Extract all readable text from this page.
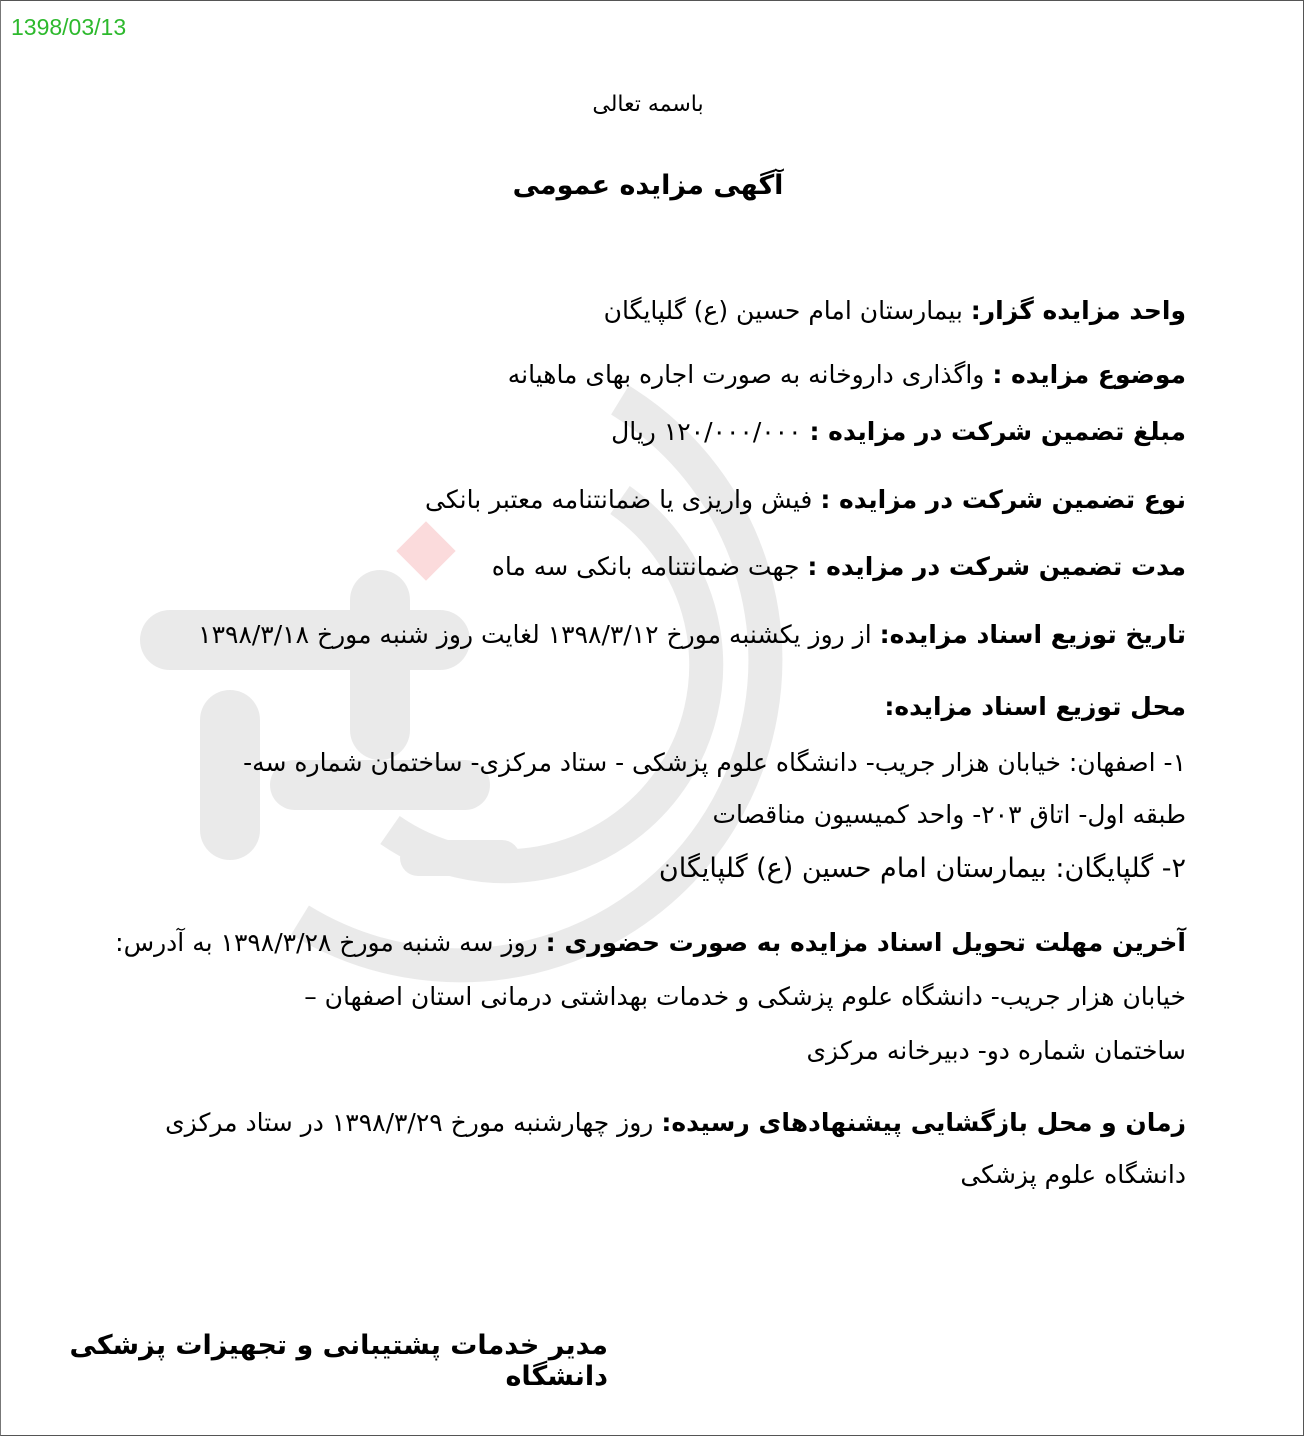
1398/03/13
باسمه تعالی
آگهی مزایده عمومی
واحد مزایده گزار: بیمارستان امام حسین (ع) گلپایگان
موضوع مزایده : واگذاری داروخانه به صورت اجاره بهای ماهیانه
مبلغ تضمین شرکت در مزایده : ۱۲۰/۰۰۰/۰۰۰ ریال
نوع تضمین شرکت در مزایده : فیش واریزی یا ضمانتنامه معتبر بانکی
مدت تضمین شرکت در مزایده : جهت ضمانتنامه بانکی سه ماه
تاریخ توزیع اسناد مزایده: از روز یکشنبه مورخ ۱۳۹۸/۳/۱۲ لغایت روز شنبه مورخ ۱۳۹۸/۳/۱۸
محل توزیع اسناد مزایده:
۱- اصفهان: خیابان هزار جریب- دانشگاه علوم پزشکی - ستاد مرکزی- ساختمان شماره سه-
طبقه اول- اتاق ۲۰۳- واحد کمیسیون مناقصات
۲- گلپایگان: بیمارستان امام حسین (ع) گلپایگان
آخرین مهلت تحویل اسناد مزایده به صورت حضوری : روز سه شنبه مورخ ۱۳۹۸/۳/۲۸ به آدرس:
خیابان هزار جریب- دانشگاه علوم پزشکی و خدمات بهداشتی درمانی استان اصفهان –
ساختمان شماره دو- دبیرخانه مرکزی
زمان و محل بازگشایی پیشنهادهای رسیده: روز چهارشنبه مورخ ۱۳۹۸/۳/۲۹ در ستاد مرکزی
دانشگاه علوم پزشکی
مدیر خدمات پشتیبانی و تجهیزات پزشکی دانشگاه
